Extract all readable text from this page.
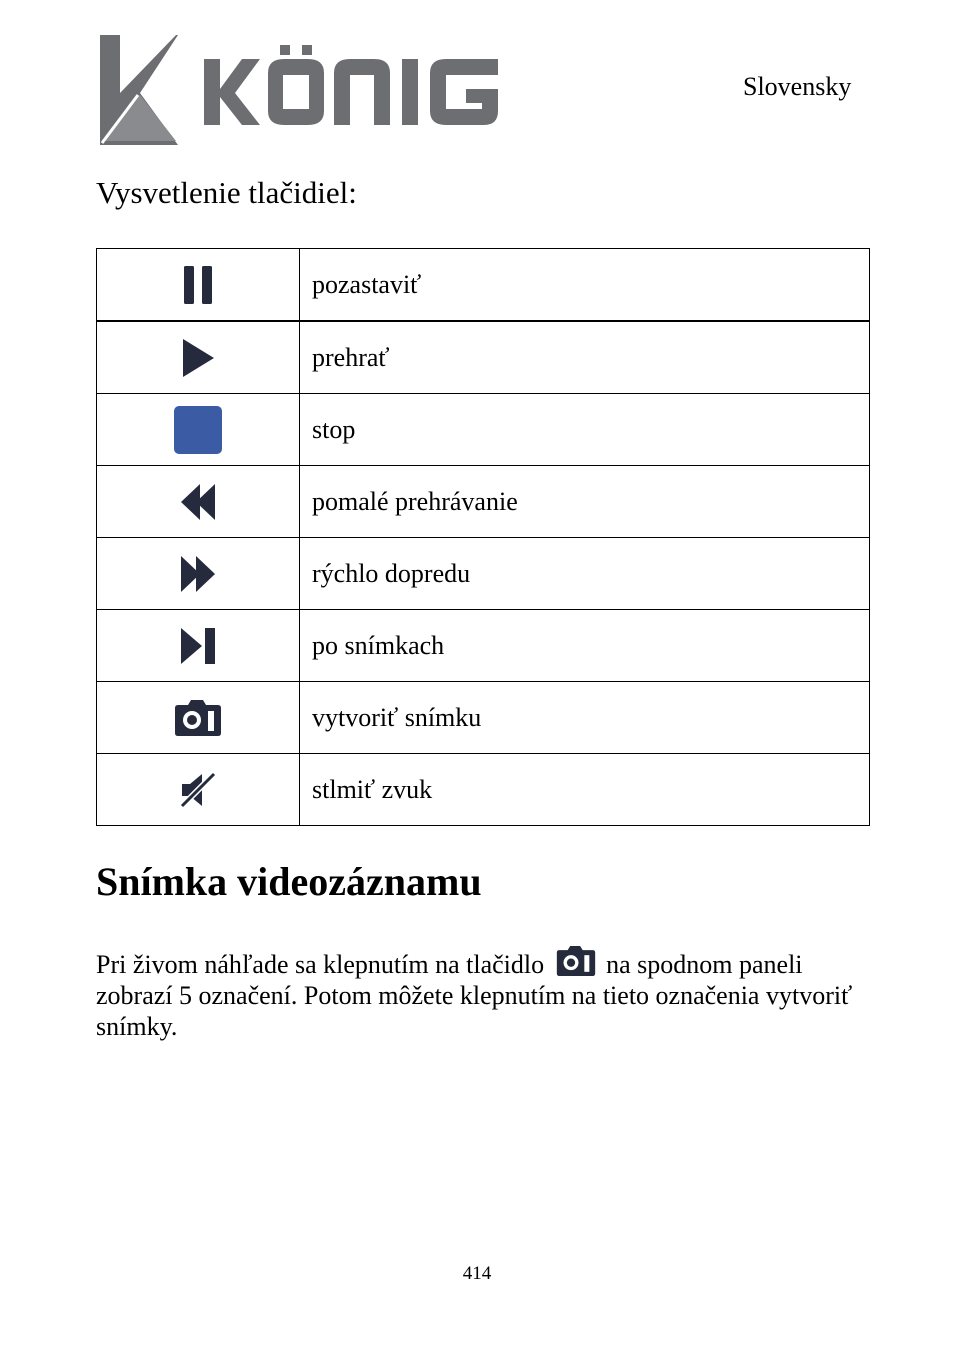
Slovensky
Vysvetlenie tlačidiel:
	pozastaviť
	prehrať
	stop
	pomalé prehrávanie
	rýchlo dopredu
	po snímkach
	vytvoriť snímku
	stlmiť zvuk
Snímka videozáznamu
Pri živom náhľade sa klepnutím na tlačidlo na spodnom paneli zobrazí 5 označení. Potom môžete klepnutím na tieto označenia vytvoriť snímky.
414
